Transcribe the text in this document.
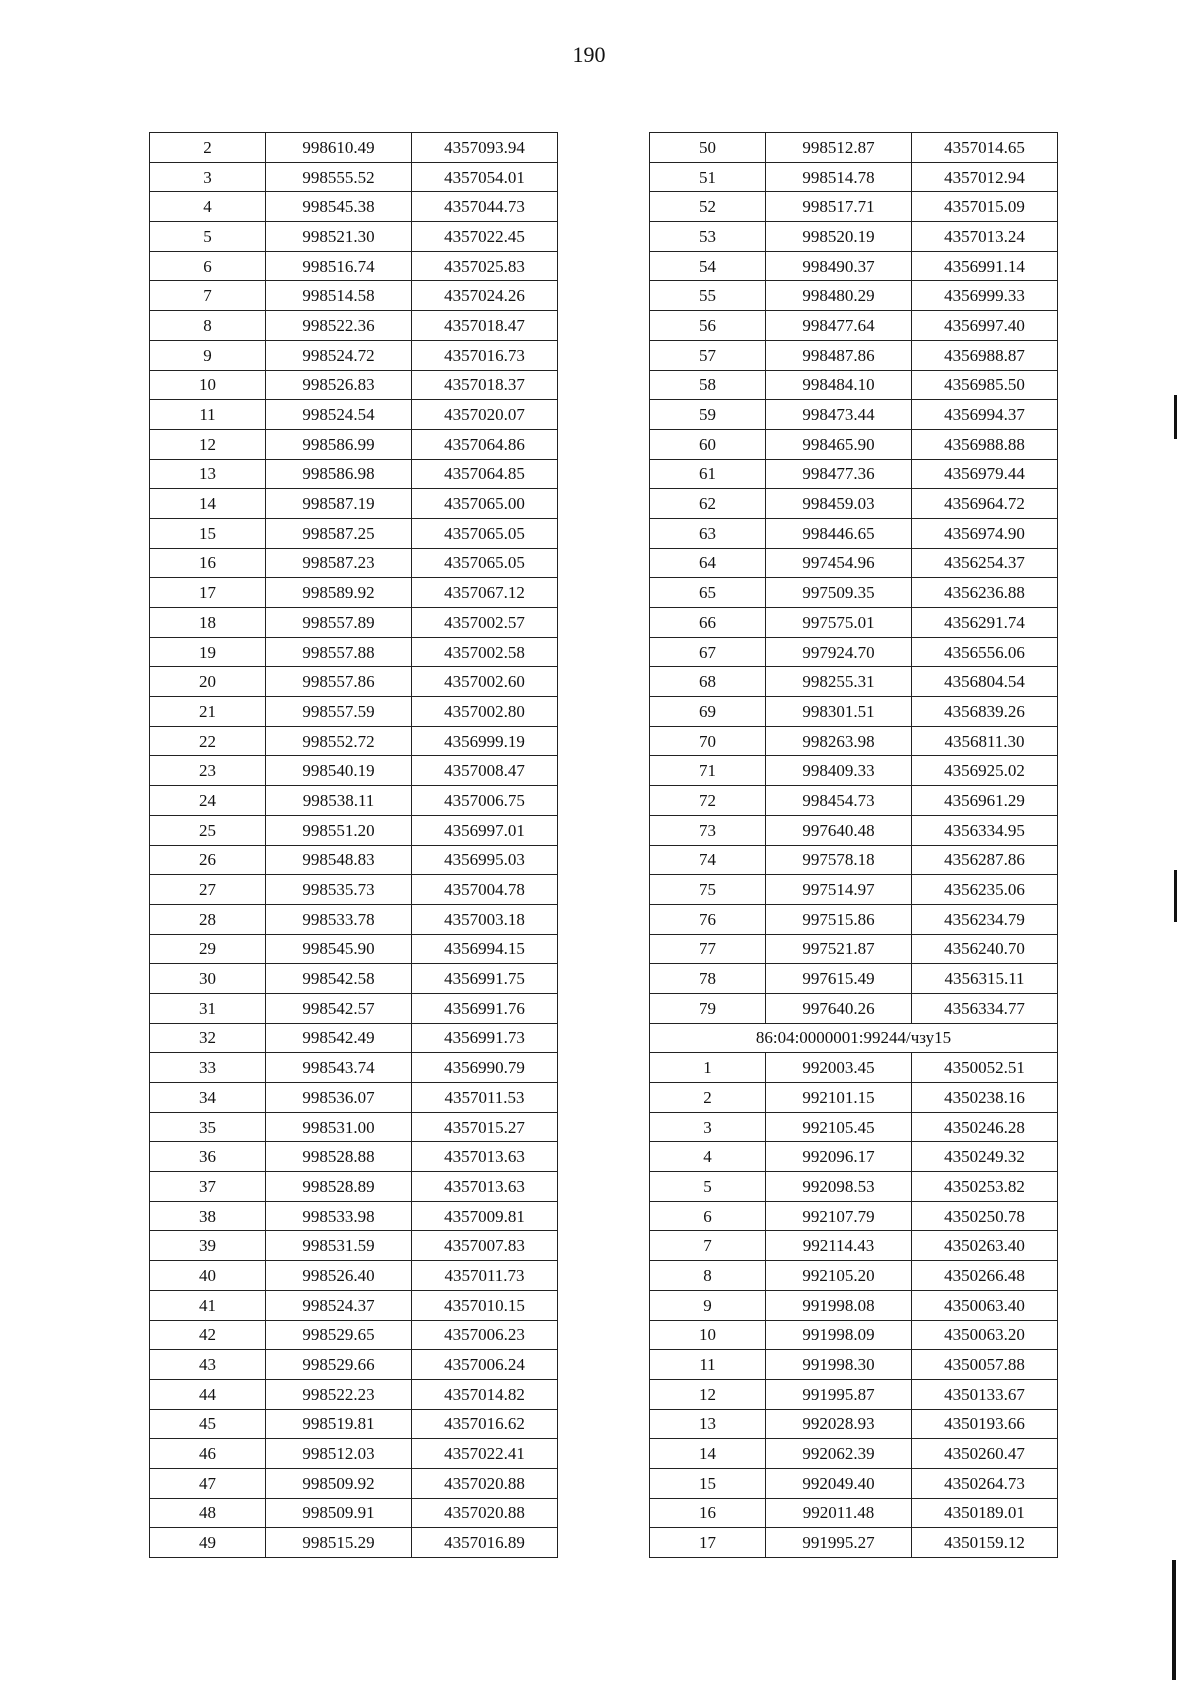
190
2	998610.49	4357093.94
3	998555.52	4357054.01
4	998545.38	4357044.73
5	998521.30	4357022.45
6	998516.74	4357025.83
7	998514.58	4357024.26
8	998522.36	4357018.47
9	998524.72	4357016.73
10	998526.83	4357018.37
11	998524.54	4357020.07
12	998586.99	4357064.86
13	998586.98	4357064.85
14	998587.19	4357065.00
15	998587.25	4357065.05
16	998587.23	4357065.05
17	998589.92	4357067.12
18	998557.89	4357002.57
19	998557.88	4357002.58
20	998557.86	4357002.60
21	998557.59	4357002.80
22	998552.72	4356999.19
23	998540.19	4357008.47
24	998538.11	4357006.75
25	998551.20	4356997.01
26	998548.83	4356995.03
27	998535.73	4357004.78
28	998533.78	4357003.18
29	998545.90	4356994.15
30	998542.58	4356991.75
31	998542.57	4356991.76
32	998542.49	4356991.73
33	998543.74	4356990.79
34	998536.07	4357011.53
35	998531.00	4357015.27
36	998528.88	4357013.63
37	998528.89	4357013.63
38	998533.98	4357009.81
39	998531.59	4357007.83
40	998526.40	4357011.73
41	998524.37	4357010.15
42	998529.65	4357006.23
43	998529.66	4357006.24
44	998522.23	4357014.82
45	998519.81	4357016.62
46	998512.03	4357022.41
47	998509.92	4357020.88
48	998509.91	4357020.88
49	998515.29	4357016.89
50	998512.87	4357014.65
51	998514.78	4357012.94
52	998517.71	4357015.09
53	998520.19	4357013.24
54	998490.37	4356991.14
55	998480.29	4356999.33
56	998477.64	4356997.40
57	998487.86	4356988.87
58	998484.10	4356985.50
59	998473.44	4356994.37
60	998465.90	4356988.88
61	998477.36	4356979.44
62	998459.03	4356964.72
63	998446.65	4356974.90
64	997454.96	4356254.37
65	997509.35	4356236.88
66	997575.01	4356291.74
67	997924.70	4356556.06
68	998255.31	4356804.54
69	998301.51	4356839.26
70	998263.98	4356811.30
71	998409.33	4356925.02
72	998454.73	4356961.29
73	997640.48	4356334.95
74	997578.18	4356287.86
75	997514.97	4356235.06
76	997515.86	4356234.79
77	997521.87	4356240.70
78	997615.49	4356315.11
79	997640.26	4356334.77
86:04:0000001:99244/чзу15		
1	992003.45	4350052.51
2	992101.15	4350238.16
3	992105.45	4350246.28
4	992096.17	4350249.32
5	992098.53	4350253.82
6	992107.79	4350250.78
7	992114.43	4350263.40
8	992105.20	4350266.48
9	991998.08	4350063.40
10	991998.09	4350063.20
11	991998.30	4350057.88
12	991995.87	4350133.67
13	992028.93	4350193.66
14	992062.39	4350260.47
15	992049.40	4350264.73
16	992011.48	4350189.01
17	991995.27	4350159.12
